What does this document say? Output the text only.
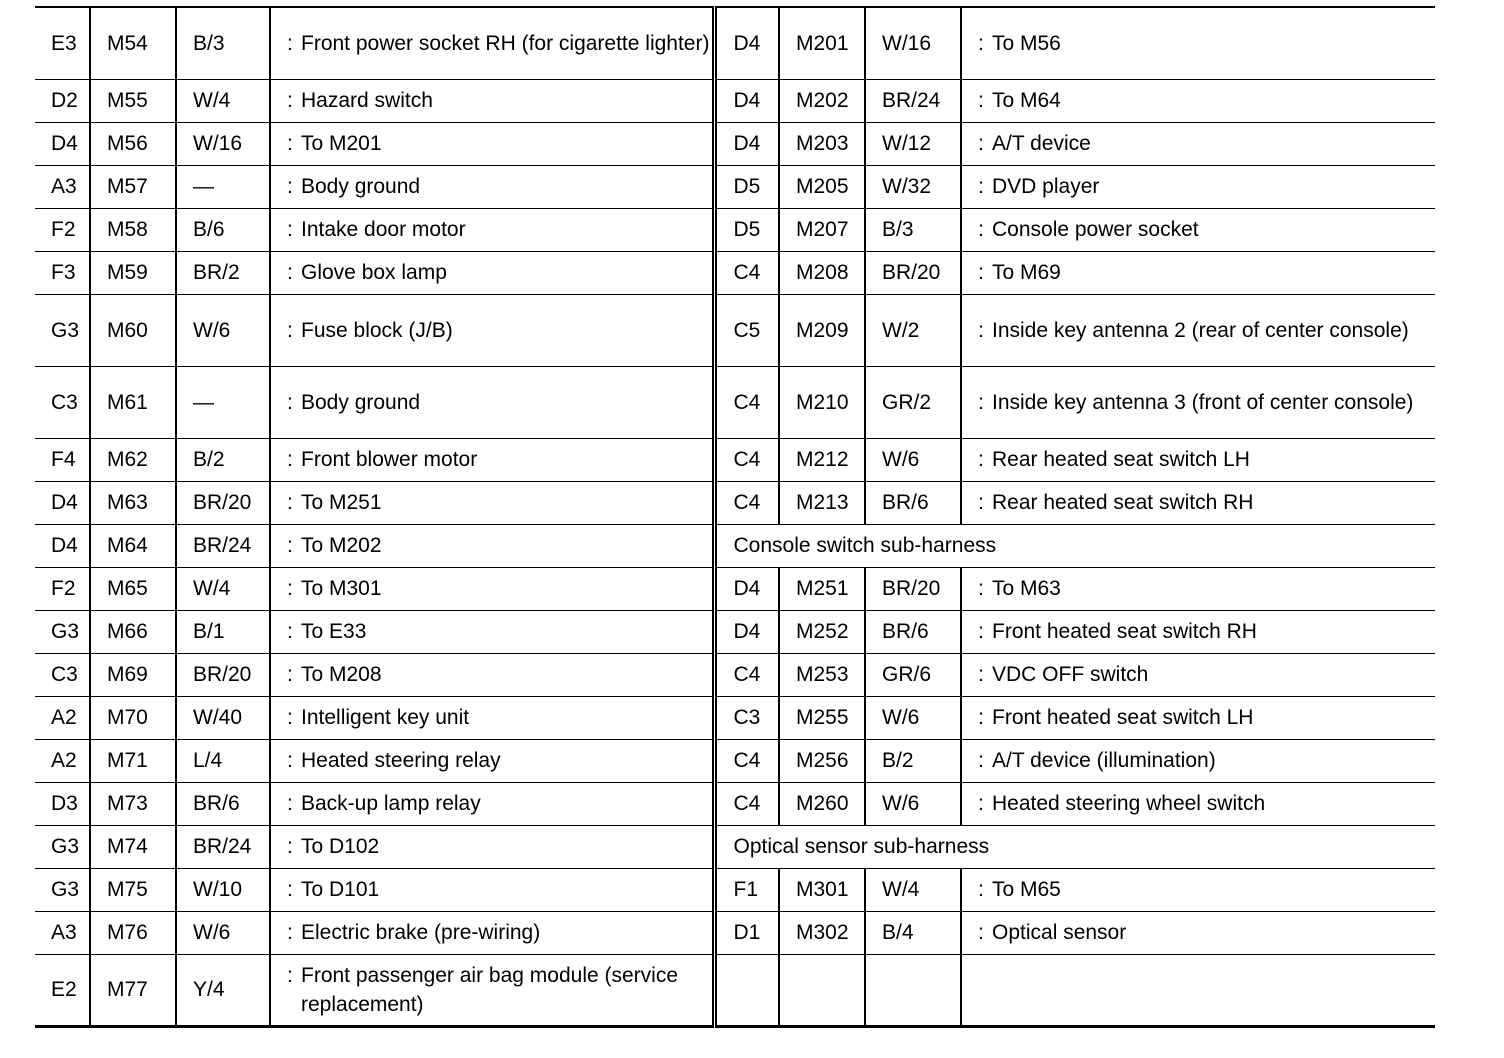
E3	M54	B/3	: Front power socket RH (for cigarette lighter)	D4	M201	W/16	: To M56

D2	M55	W/4	: Hazard switch	D4	M202	BR/24	: To M64

D4	M56	W/16	: To M201	D4	M203	W/12	: A/T device

A3	M57	—	: Body ground	D5	M205	W/32	: DVD player

F2	M58	B/6	: Intake door motor	D5	M207	B/3	: Console power socket

F3	M59	BR/2	: Glove box lamp	C4	M208	BR/20	: To M69

G3	M60	W/6	: Fuse block (J/B)	C5	M209	W/2	: Inside key antenna 2 (rear of center console)

C3	M61	—	: Body ground	C4	M210	GR/2	: Inside key antenna 3 (front of center console)

F4	M62	B/2	: Front blower motor	C4	M212	W/6	: Rear heated seat switch LH

D4	M63	BR/20	: To M251	C4	M213	BR/6	: Rear heated seat switch RH

D4	M64	BR/24	: To M202	Console switch sub-harness			
F2	M65	W/4	: To M301	D4	M251	BR/20	: To M63

G3	M66	B/1	: To E33	D4	M252	BR/6	: Front heated seat switch RH

C3	M69	BR/20	: To M208	C4	M253	GR/6	: VDC OFF switch

A2	M70	W/40	: Intelligent key unit	C3	M255	W/6	: Front heated seat switch LH

A2	M71	L/4	: Heated steering relay	C4	M256	B/2	: A/T device (illumination)

D3	M73	BR/6	: Back-up lamp relay	C4	M260	W/6	: Heated steering wheel switch

G3	M74	BR/24	: To D102	Optical sensor sub-harness			
G3	M75	W/10	: To D101	F1	M301	W/4	: To M65

A3	M76	W/6	: Electric brake (pre-wiring)	D1	M302	B/4	: Optical sensor

E2	M77	Y/4	: Front passenger air bag module (service replacement)				
